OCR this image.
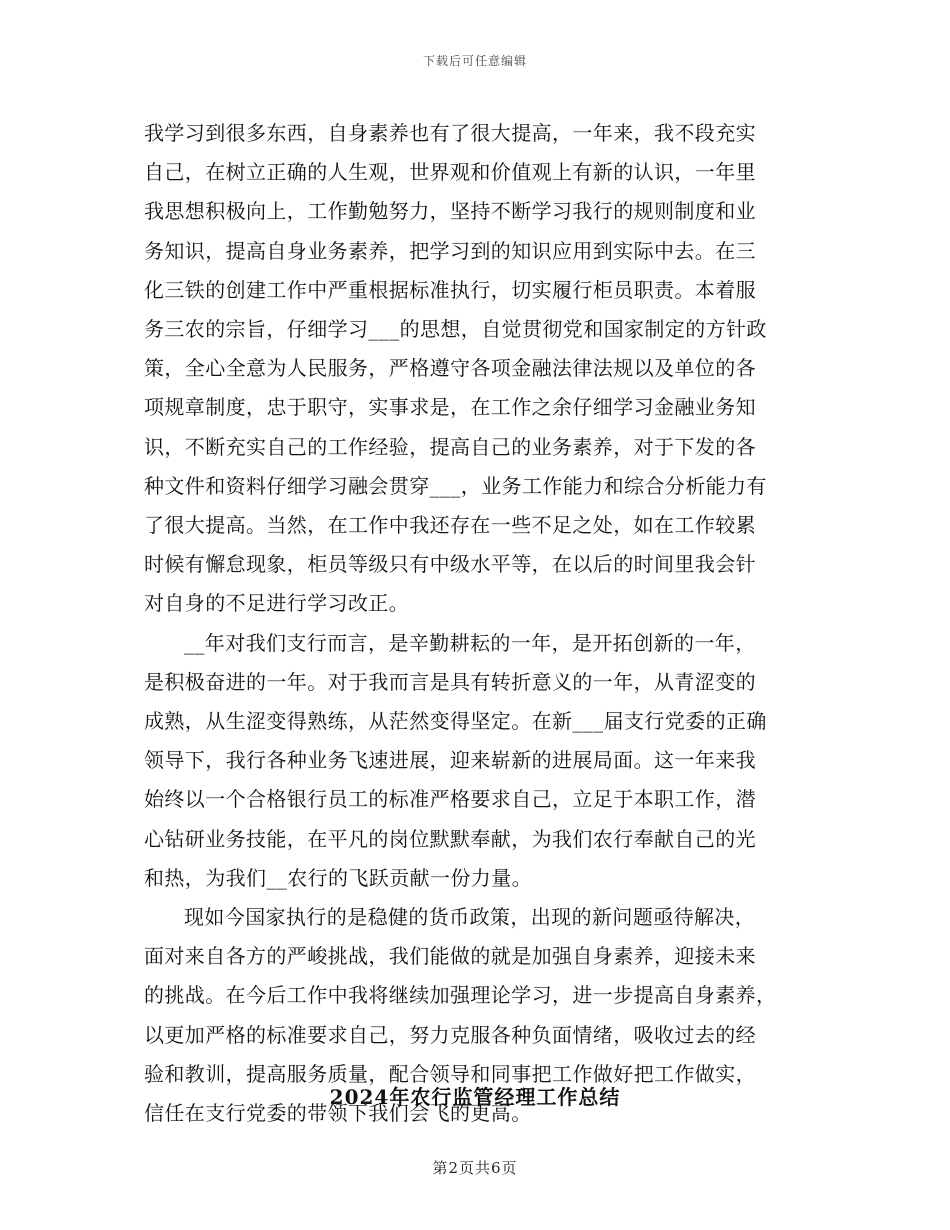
下载后可任意编辑
我学习到很多东西，自身素养也有了很大提高，一年来，我不段充实
自己，在树立正确的人生观，世界观和价值观上有新的认识，一年里
我思想积极向上，工作勤勉努力，坚持不断学习我行的规则制度和业
务知识，提高自身业务素养，把学习到的知识应用到实际中去。在三
化三铁的创建工作中严重根据标准执行，切实履行柜员职责。本着服
务三农的宗旨，仔细学习___的思想，自觉贯彻党和国家制定的方针政
策，全心全意为人民服务，严格遵守各项金融法律法规以及单位的各
项规章制度，忠于职守，实事求是，在工作之余仔细学习金融业务知
识，不断充实自己的工作经验，提高自己的业务素养，对于下发的各
种文件和资料仔细学习融会贯穿___，业务工作能力和综合分析能力有
了很大提高。当然，在工作中我还存在一些不足之处，如在工作较累
时候有懈怠现象，柜员等级只有中级水平等，在以后的时间里我会针
对自身的不足进行学习改正。
__年对我们支行而言，是辛勤耕耘的一年，是开拓创新的一年，
是积极奋进的一年。对于我而言是具有转折意义的一年，从青涩变的
成熟，从生涩变得熟练，从茫然变得坚定。在新___届支行党委的正确
领导下，我行各种业务飞速进展，迎来崭新的进展局面。这一年来我
始终以一个合格银行员工的标准严格要求自己，立足于本职工作，潜
心钻研业务技能，在平凡的岗位默默奉献，为我们农行奉献自己的光
和热，为我们__农行的飞跃贡献一份力量。
现如今国家执行的是稳健的货币政策，出现的新问题亟待解决，
面对来自各方的严峻挑战，我们能做的就是加强自身素养，迎接未来
的挑战。在今后工作中我将继续加强理论学习，进一步提高自身素养，
以更加严格的标准要求自己，努力克服各种负面情绪，吸收过去的经
验和教训，提高服务质量，配合领导和同事把工作做好把工作做实，
信任在支行党委的带领下我们会飞的更高。
2024年农行监管经理工作总结
第2页共6页
